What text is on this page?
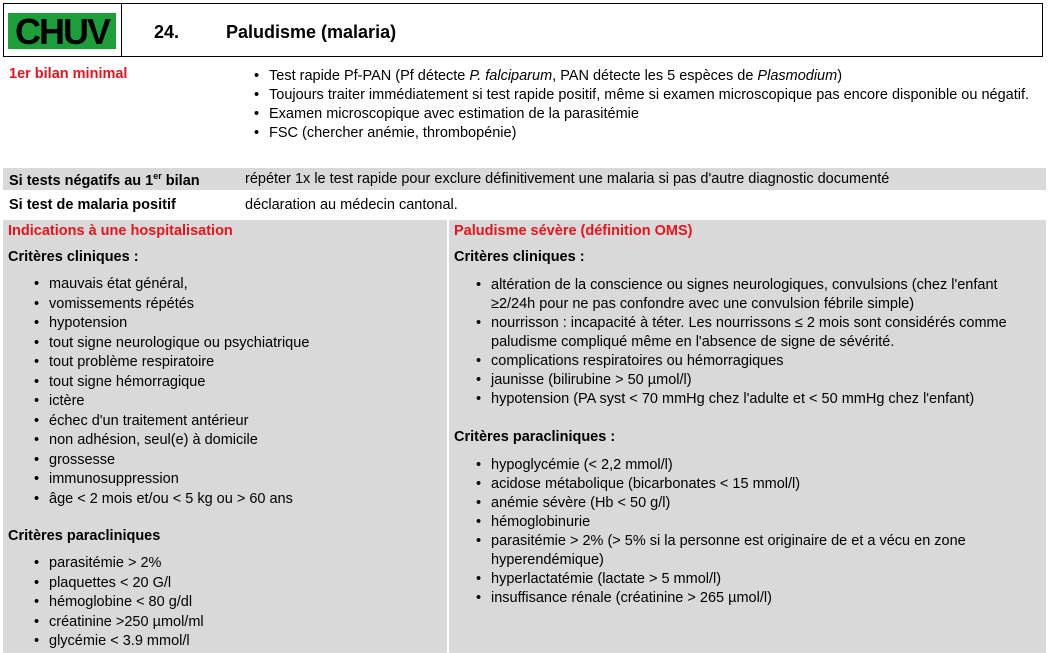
CHUV 24.	Paludisme (malaria)
1er bilan minimal
•	Test rapide Pf-PAN (Pf détecte P. falciparum, PAN détecte les 5 espèces de Plasmodium)
• Toujours traiter immédiatement si test rapide positif, même si examen microscopique pas encore disponible ou négatif.
• Examen microscopique avec estimation de la parasitémie
• FSC (chercher anémie, thrombopénie)
Si tests négatifs au 1er bilan	répéter 1x le test rapide pour exclure définitivement une malaria si pas d'autre diagnostic documenté
Si test de malaria positif	déclaration au médecin cantonal.
Indications à une hospitalisation
Critères cliniques :
• mauvais état général,
• vomissements répétés
• hypotension
• tout signe neurologique ou psychiatrique
• tout problème respiratoire
• tout signe hémorragique
• ictère
• échec d'un traitement antérieur
• non adhésion, seul(e) à domicile
• grossesse
• immunosuppression
• âge < 2 mois et/ou < 5 kg ou > 60 ans
Critères paracliniques
• parasitémie > 2%
• plaquettes < 20 G/l
• hémoglobine < 80 g/dl
• créatinine >250 µmol/ml
• glycémie < 3.9 mmol/l
Paludisme sévère (définition OMS)
Critères cliniques :
• altération de la conscience ou signes neurologiques, convulsions (chez l'enfant ≥2/24h pour ne pas confondre avec une convulsion fébrile simple)
• nourrisson : incapacité à téter. Les nourrissons ≤ 2 mois sont considérés comme paludisme compliqué même en l'absence de signe de sévérité.
• complications respiratoires ou hémorragiques
• jaunisse (bilirubine > 50 µmol/l)
• hypotension (PA syst < 70 mmHg chez l'adulte et < 50 mmHg chez l'enfant)
Critères paracliniques :
• hypoglycémie (< 2,2 mmol/l)
• acidose métabolique (bicarbonates < 15 mmol/l)
• anémie sévère (Hb < 50 g/l)
• hémoglobinurie
• parasitémie > 2% (> 5% si la personne est originaire de et a vécu en zone hyperendémique)
• hyperlactatémie (lactate > 5 mmol/l)
• insuffisance rénale (créatinine > 265 µmol/l)
